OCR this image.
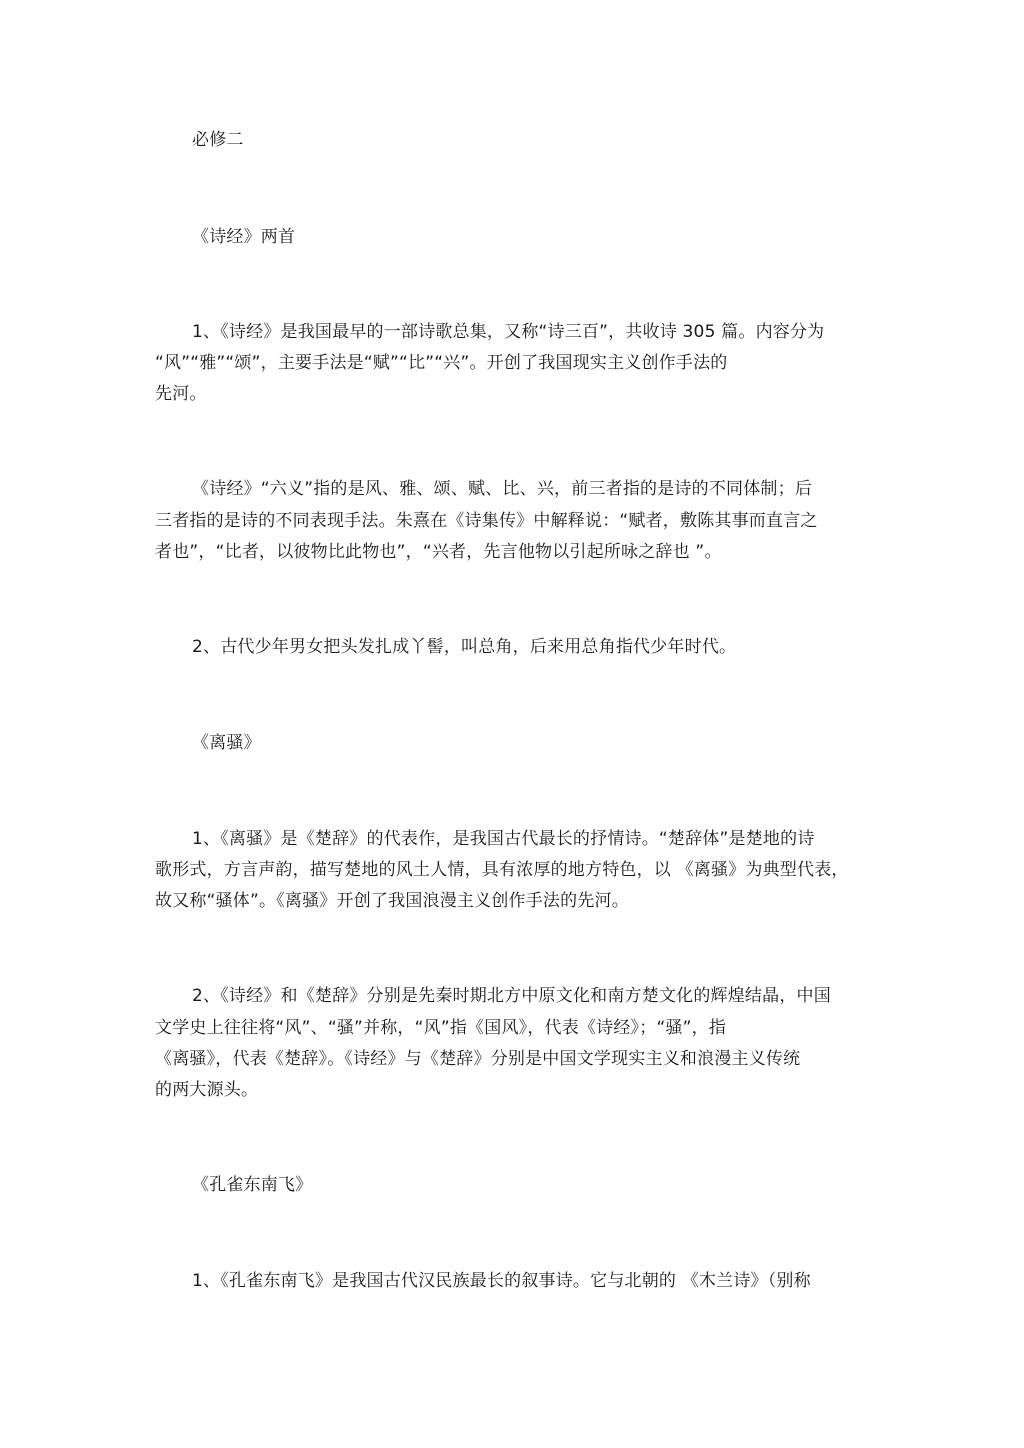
必修二
《诗经》两首
1、《诗经》是我国最早的一部诗歌总集，又称“诗三百”，共收诗 305 篇。内容分为
“风”“雅”“颂”，主要手法是“赋”“比”“兴”。开创了我国现实主义创作手法的
先河。
《诗经》“六义”指的是风、雅、颂、赋、比、兴，前三者指的是诗的不同体制；后
三者指的是诗的不同表现手法。朱熹在《诗集传》中解释说：“赋者，敷陈其事而直言之
者也”，“比者，以彼物比此物也”，“兴者，先言他物以引起所咏之辞也 ”。
2、古代少年男女把头发扎成丫髻，叫总角，后来用总角指代少年时代。
《离骚》
1、《离骚》是《楚辞》的代表作，是我国古代最长的抒情诗。“楚辞体”是楚地的诗
歌形式，方言声韵，描写楚地的风土人情，具有浓厚的地方特色，以 《离骚》为典型代表，
故又称“骚体”。《离骚》开创了我国浪漫主义创作手法的先河。
2、《诗经》和《楚辞》分别是先秦时期北方中原文化和南方楚文化的辉煌结晶，中国
文学史上往往将“风”、“骚”并称，“风”指《国风》，代表《诗经》；“骚”，指
《离骚》，代表《楚辞》。《诗经》与《楚辞》分别是中国文学现实主义和浪漫主义传统
的两大源头。
《孔雀东南飞》
1、《孔雀东南飞》是我国古代汉民族最长的叙事诗。它与北朝的 《木兰诗》（别称
